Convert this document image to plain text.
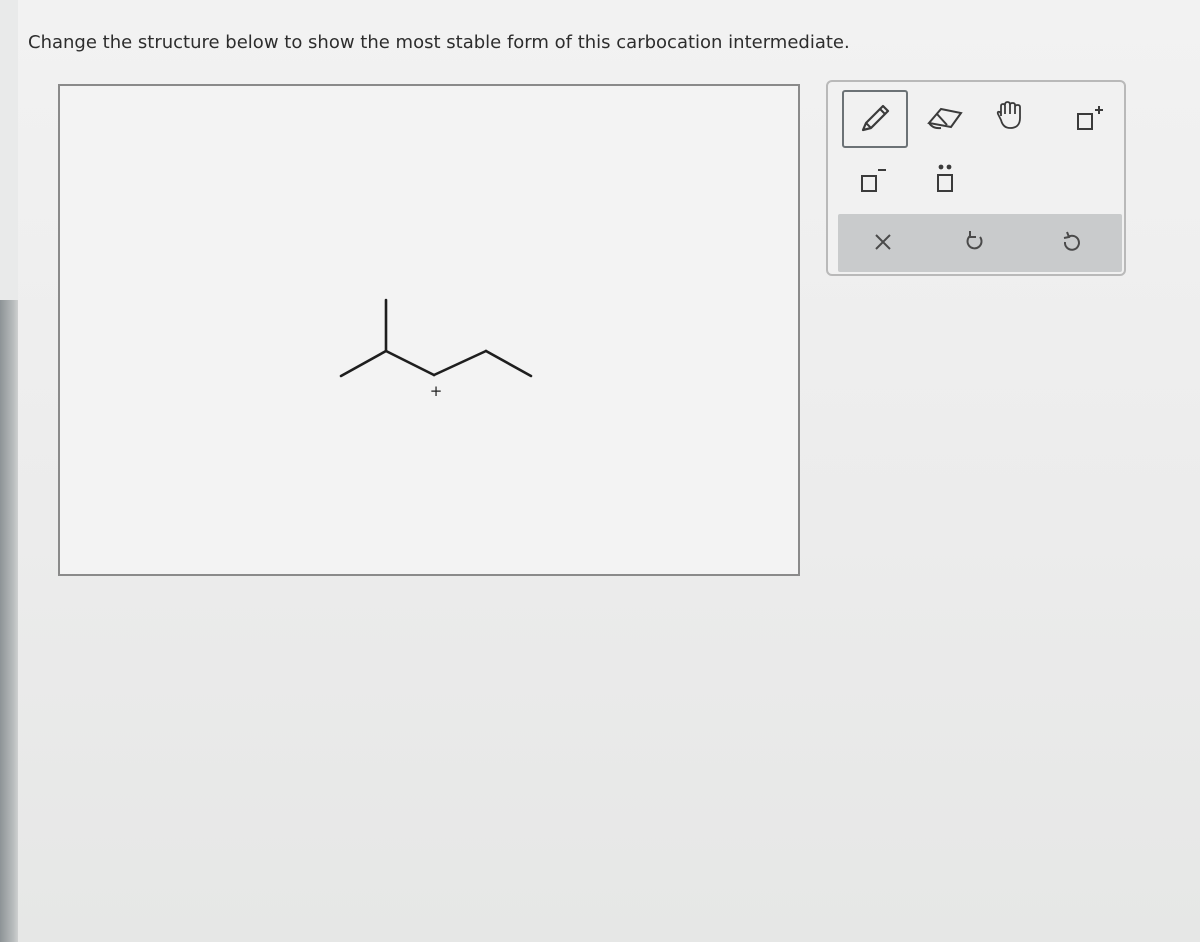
Change the structure below to show the most stable form of this carbocation intermediate.
+
